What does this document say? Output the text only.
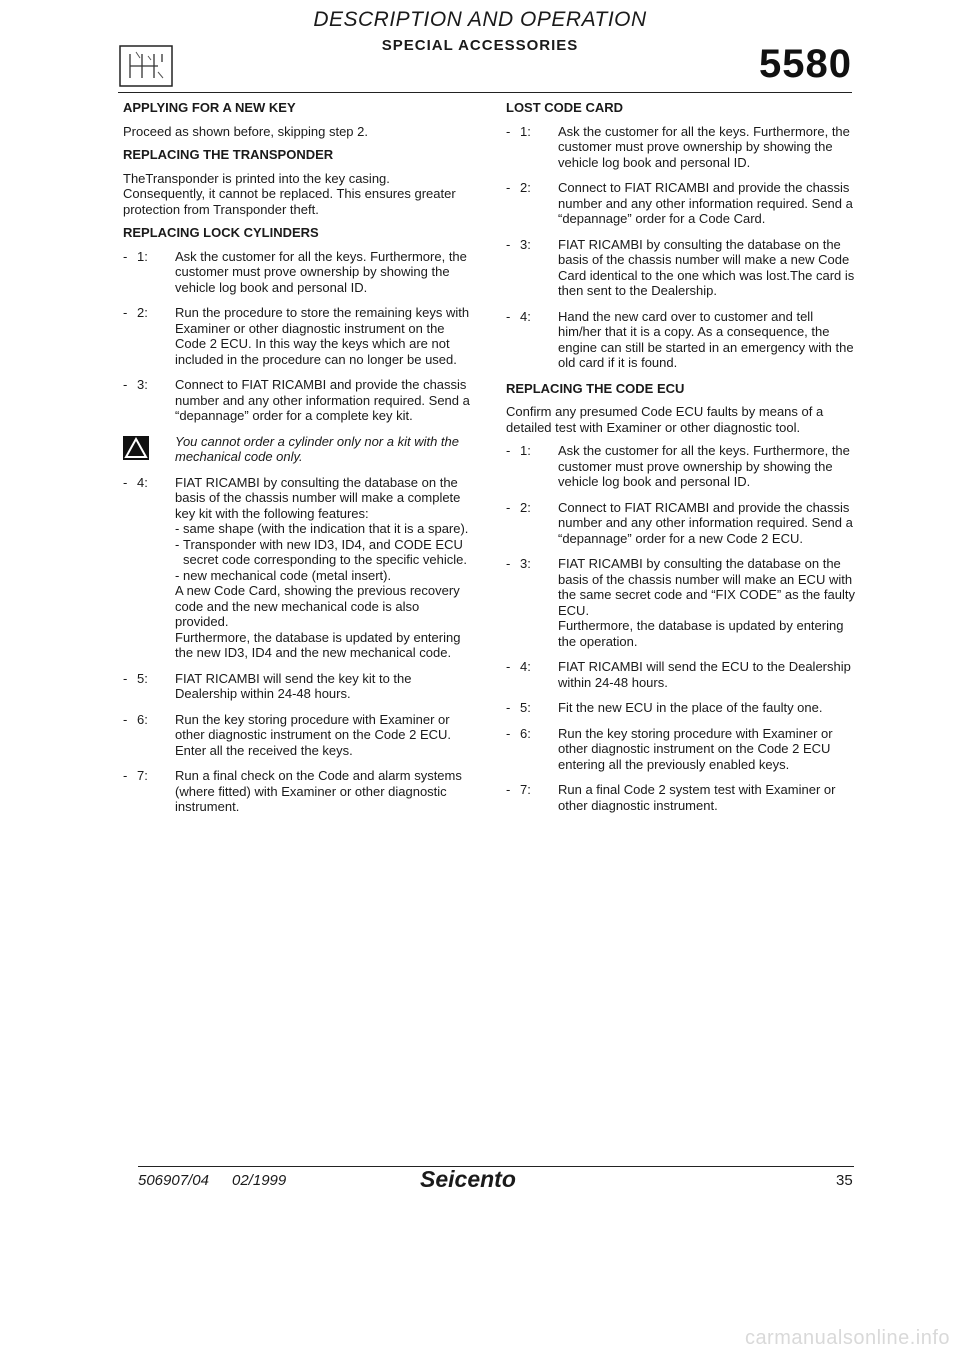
DESCRIPTION AND OPERATION
SPECIAL ACCESSORIES	5580
APPLYING FOR A NEW KEY
Proceed as shown before, skipping step 2.
REPLACING THE TRANSPONDER
TheTransponder is printed into the key casing. Consequently, it cannot be replaced. This ensures greater protection from Transponder theft.
REPLACING LOCK CYLINDERS
- 1:	Ask the customer for all the keys. Furthermore, the customer must prove ownership by showing the vehicle log book and personal ID.
- 2:	Run the procedure to store the remaining keys with Examiner or other diagnostic instrument on the Code 2 ECU. In this way the keys which are not included in the procedure can no longer be used.
- 3:	Connect to FIAT RICAMBI and provide the chassis number and any other information required. Send a “depannage” order for a complete key kit.
You cannot order a cylinder only nor a kit with the mechanical code only.
- 4:	FIAT RICAMBI by consulting the database on the basis of the chassis number will make a complete key kit with the following features:
- same shape (with the indication that it is a spare).
- Transponder with new ID3, ID4, and CODE ECU secret code corresponding to the specific vehicle.
- new mechanical code (metal insert).
A new Code Card, showing the previous recovery code and the new mechanical code is also provided.
Furthermore, the database is updated by entering the new ID3, ID4 and the new mechanical code.
- 5:	FIAT RICAMBI will send the key kit to the Dealership within 24-48 hours.
- 6:	Run the key storing procedure with Examiner or other diagnostic instrument on the Code 2 ECU. Enter all the received the keys.
- 7:	Run a final check on the Code and alarm systems (where fitted) with Examiner or other diagnostic instrument.
LOST CODE CARD
- 1:	Ask the customer for all the keys. Furthermore, the customer must prove ownership by showing the vehicle log book and personal ID.
- 2:	Connect to FIAT RICAMBI and provide the chassis number and any other information required. Send a “depannage” order for a Code Card.
- 3:	FIAT RICAMBI by consulting the database on the basis of the chassis number will make a new Code Card identical to the one which was lost.The card is then sent to the Dealership.
- 4:	Hand the new card over to customer and tell him/her that it is a copy. As a consequence, the engine can still be started in an emergency with the old card if it is found.
REPLACING THE CODE ECU
Confirm any presumed Code ECU faults by means of a detailed test with Examiner or other diagnostic tool.
- 1:	Ask the customer for all the keys. Furthermore, the customer must prove ownership by showing the vehicle log book and personal ID.
- 2:	Connect to FIAT RICAMBI and provide the chassis number and any other information required. Send a “depannage” order for a new Code 2 ECU.
- 3:	FIAT RICAMBI by consulting the database on the basis of the chassis number will make an ECU with the same secret code and “FIX CODE” as the faulty ECU.
Furthermore, the database is updated by entering the operation.
- 4:	FIAT RICAMBI will send the ECU to the Dealership within 24-48 hours.
- 5:	Fit the new ECU in the place of the faulty one.
- 6:	Run the key storing procedure with Examiner or other diagnostic instrument on the Code 2 ECU entering all the previously enabled keys.
- 7:	Run a final Code 2 system test with Examiner or other diagnostic instrument.
506907/04 02/1999	Seicento	35
carmanualsonline.info
